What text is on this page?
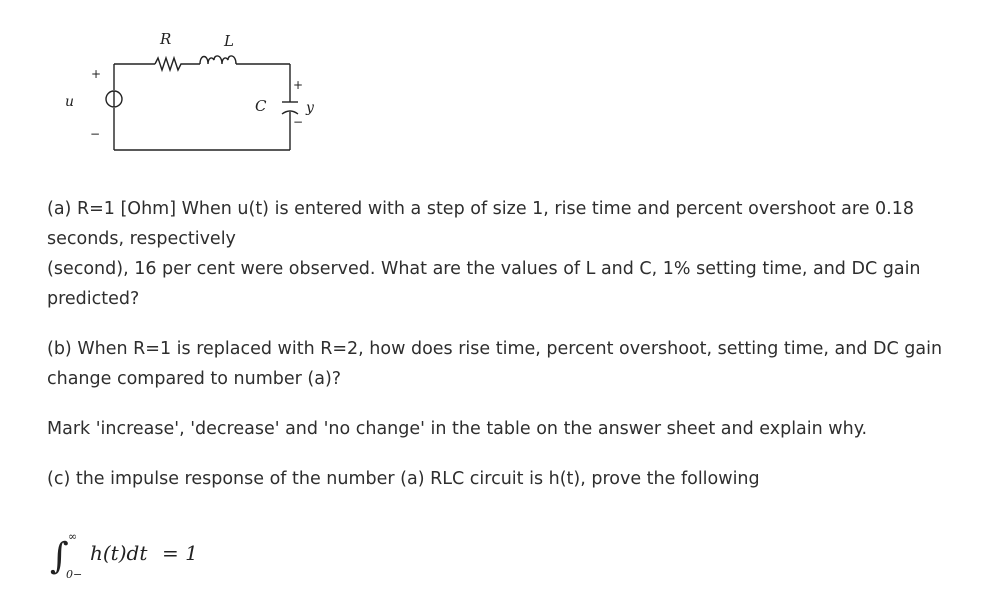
R	L
C	y
+
−
+
u
−

(a) R=1 [Ohm] When u(t) is entered with a step of size 1, rise time and percent overshoot are 0.18

seconds, respectively

(second), 16 per cent were observed. What are the values of L and C, 1% setting time, and DC gain

predicted?

(b) When R=1 is replaced with R=2, how does rise time, percent overshoot, setting time, and DC gain

change compared to number (a)?

Mark 'increase', 'decrease' and 'no change' in the table on the answer sheet and explain why.

(c) the impulse response of the number (a) RLC circuit is h(t), prove the following

∫ ∞
0−
h(t)dt = 1
